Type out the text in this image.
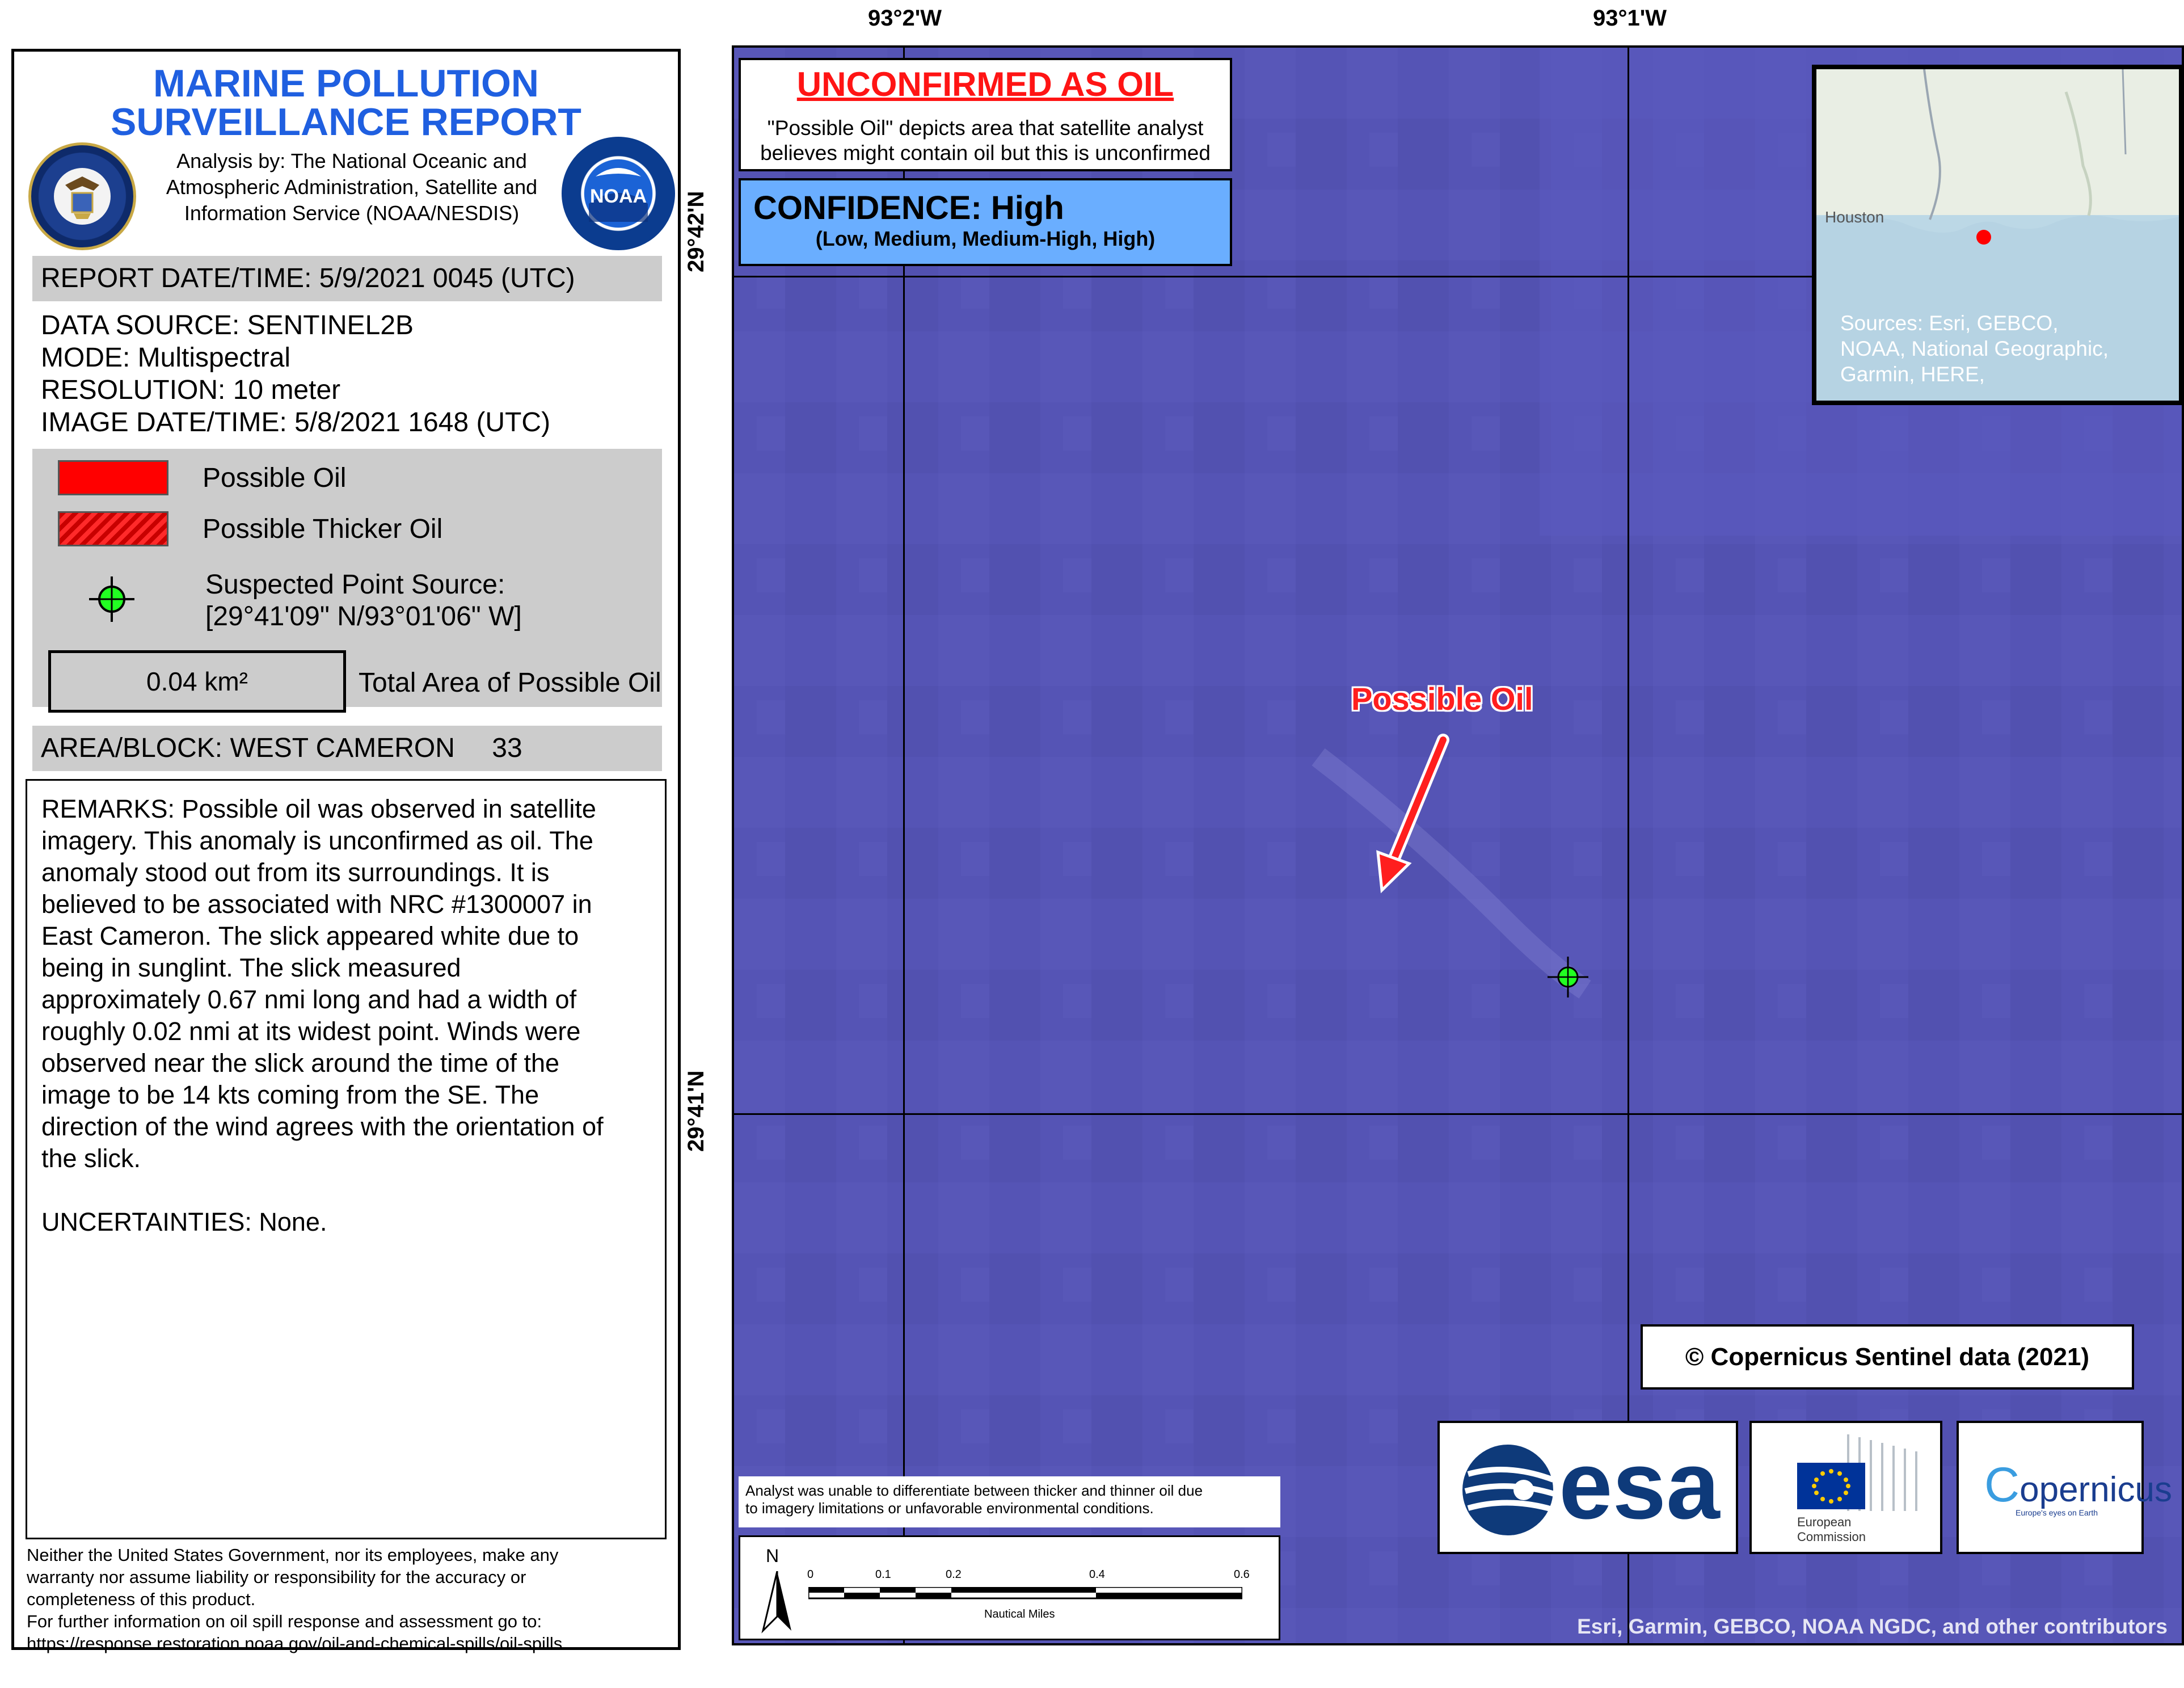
MARINE POLLUTION
SURVEILLANCE REPORT
Analysis by: The National Oceanic and
Atmospheric Administration, Satellite and
Information Service (NOAA/NESDIS)
NOAA
REPORT DATE/TIME: 5/9/2021 0045 (UTC)
DATA SOURCE: SENTINEL2B
MODE: Multispectral
RESOLUTION: 10 meter
IMAGE DATE/TIME: 5/8/2021 1648 (UTC)
Possible Oil
Possible Thicker Oil
Suspected Point Source:
[29°41'09" N/93°01'06" W]
0.04 km²	Total Area of Possible Oil
AREA/BLOCK: WEST CAMERON 33
REMARKS: Possible oil was observed in satellite
imagery. This anomaly is unconfirmed as oil. The
anomaly stood out from its surroundings. It is
believed to be associated with NRC #1300007 in
East Cameron. The slick appeared white due to
being in sunglint. The slick measured
approximately 0.67 nmi long and had a width of
roughly 0.02 nmi at its widest point. Winds were
observed near the slick around the time of the
image to be 14 kts coming from the SE. The
direction of the wind agrees with the orientation of
the slick.
UNCERTAINTIES: None.
Neither the United States Government, nor its employees, make any
warranty nor assume liability or responsibility for the accuracy or
completeness of this product.
For further information on oil spill response and assessment go to:
https://response.restoration.noaa.gov/oil-and-chemical-spills/oil-spills
93°2'W	93°1'W
29°42'N
29°41'N
UNCONFIRMED AS OIL
"Possible Oil" depicts area that satellite analyst
believes might contain oil but this is unconfirmed
CONFIDENCE: High
(Low, Medium, Medium-High, High)
Houston
Sources: Esri, GEBCO,
NOAA, National Geographic,
Garmin, HERE,
Possible Oil
© Copernicus Sentinel data (2021)
esa	European
Commission
Copernicus
Europe's eyes on Earth
Analyst was unable to differentiate between thicker and thinner oil due
to imagery limitations or unfavorable environmental conditions.
N
0	0.1	0.2	0.4	0.6
Nautical Miles
Esri, Garmin, GEBCO, NOAA NGDC, and other contributors
